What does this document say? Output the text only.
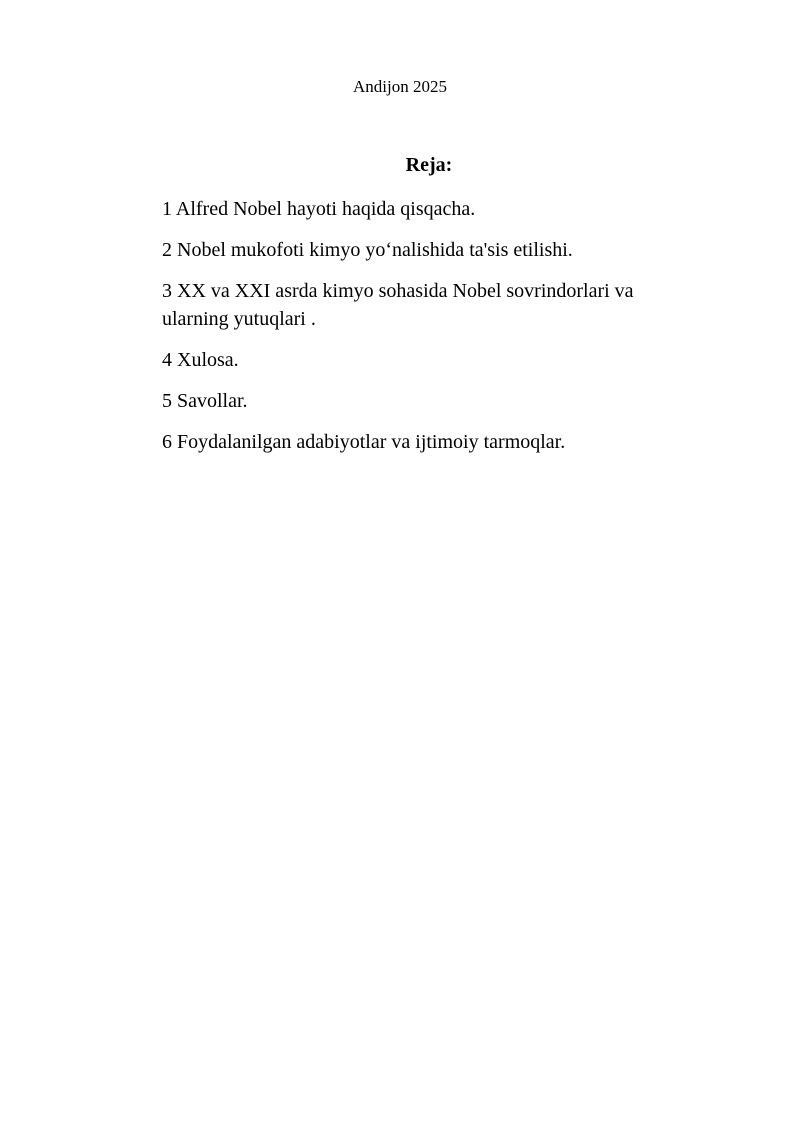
Andijon 2025
Reja:
1 Alfred Nobel hayoti haqida qisqacha.
2 Nobel mukofoti kimyo yo‘nalishida ta'sis etilishi.
3 XX va XXI asrda kimyo sohasida Nobel sovrindorlari va ularning yutuqlari .
4 Xulosa.
5 Savollar.
6 Foydalanilgan adabiyotlar va ijtimoiy tarmoqlar.
